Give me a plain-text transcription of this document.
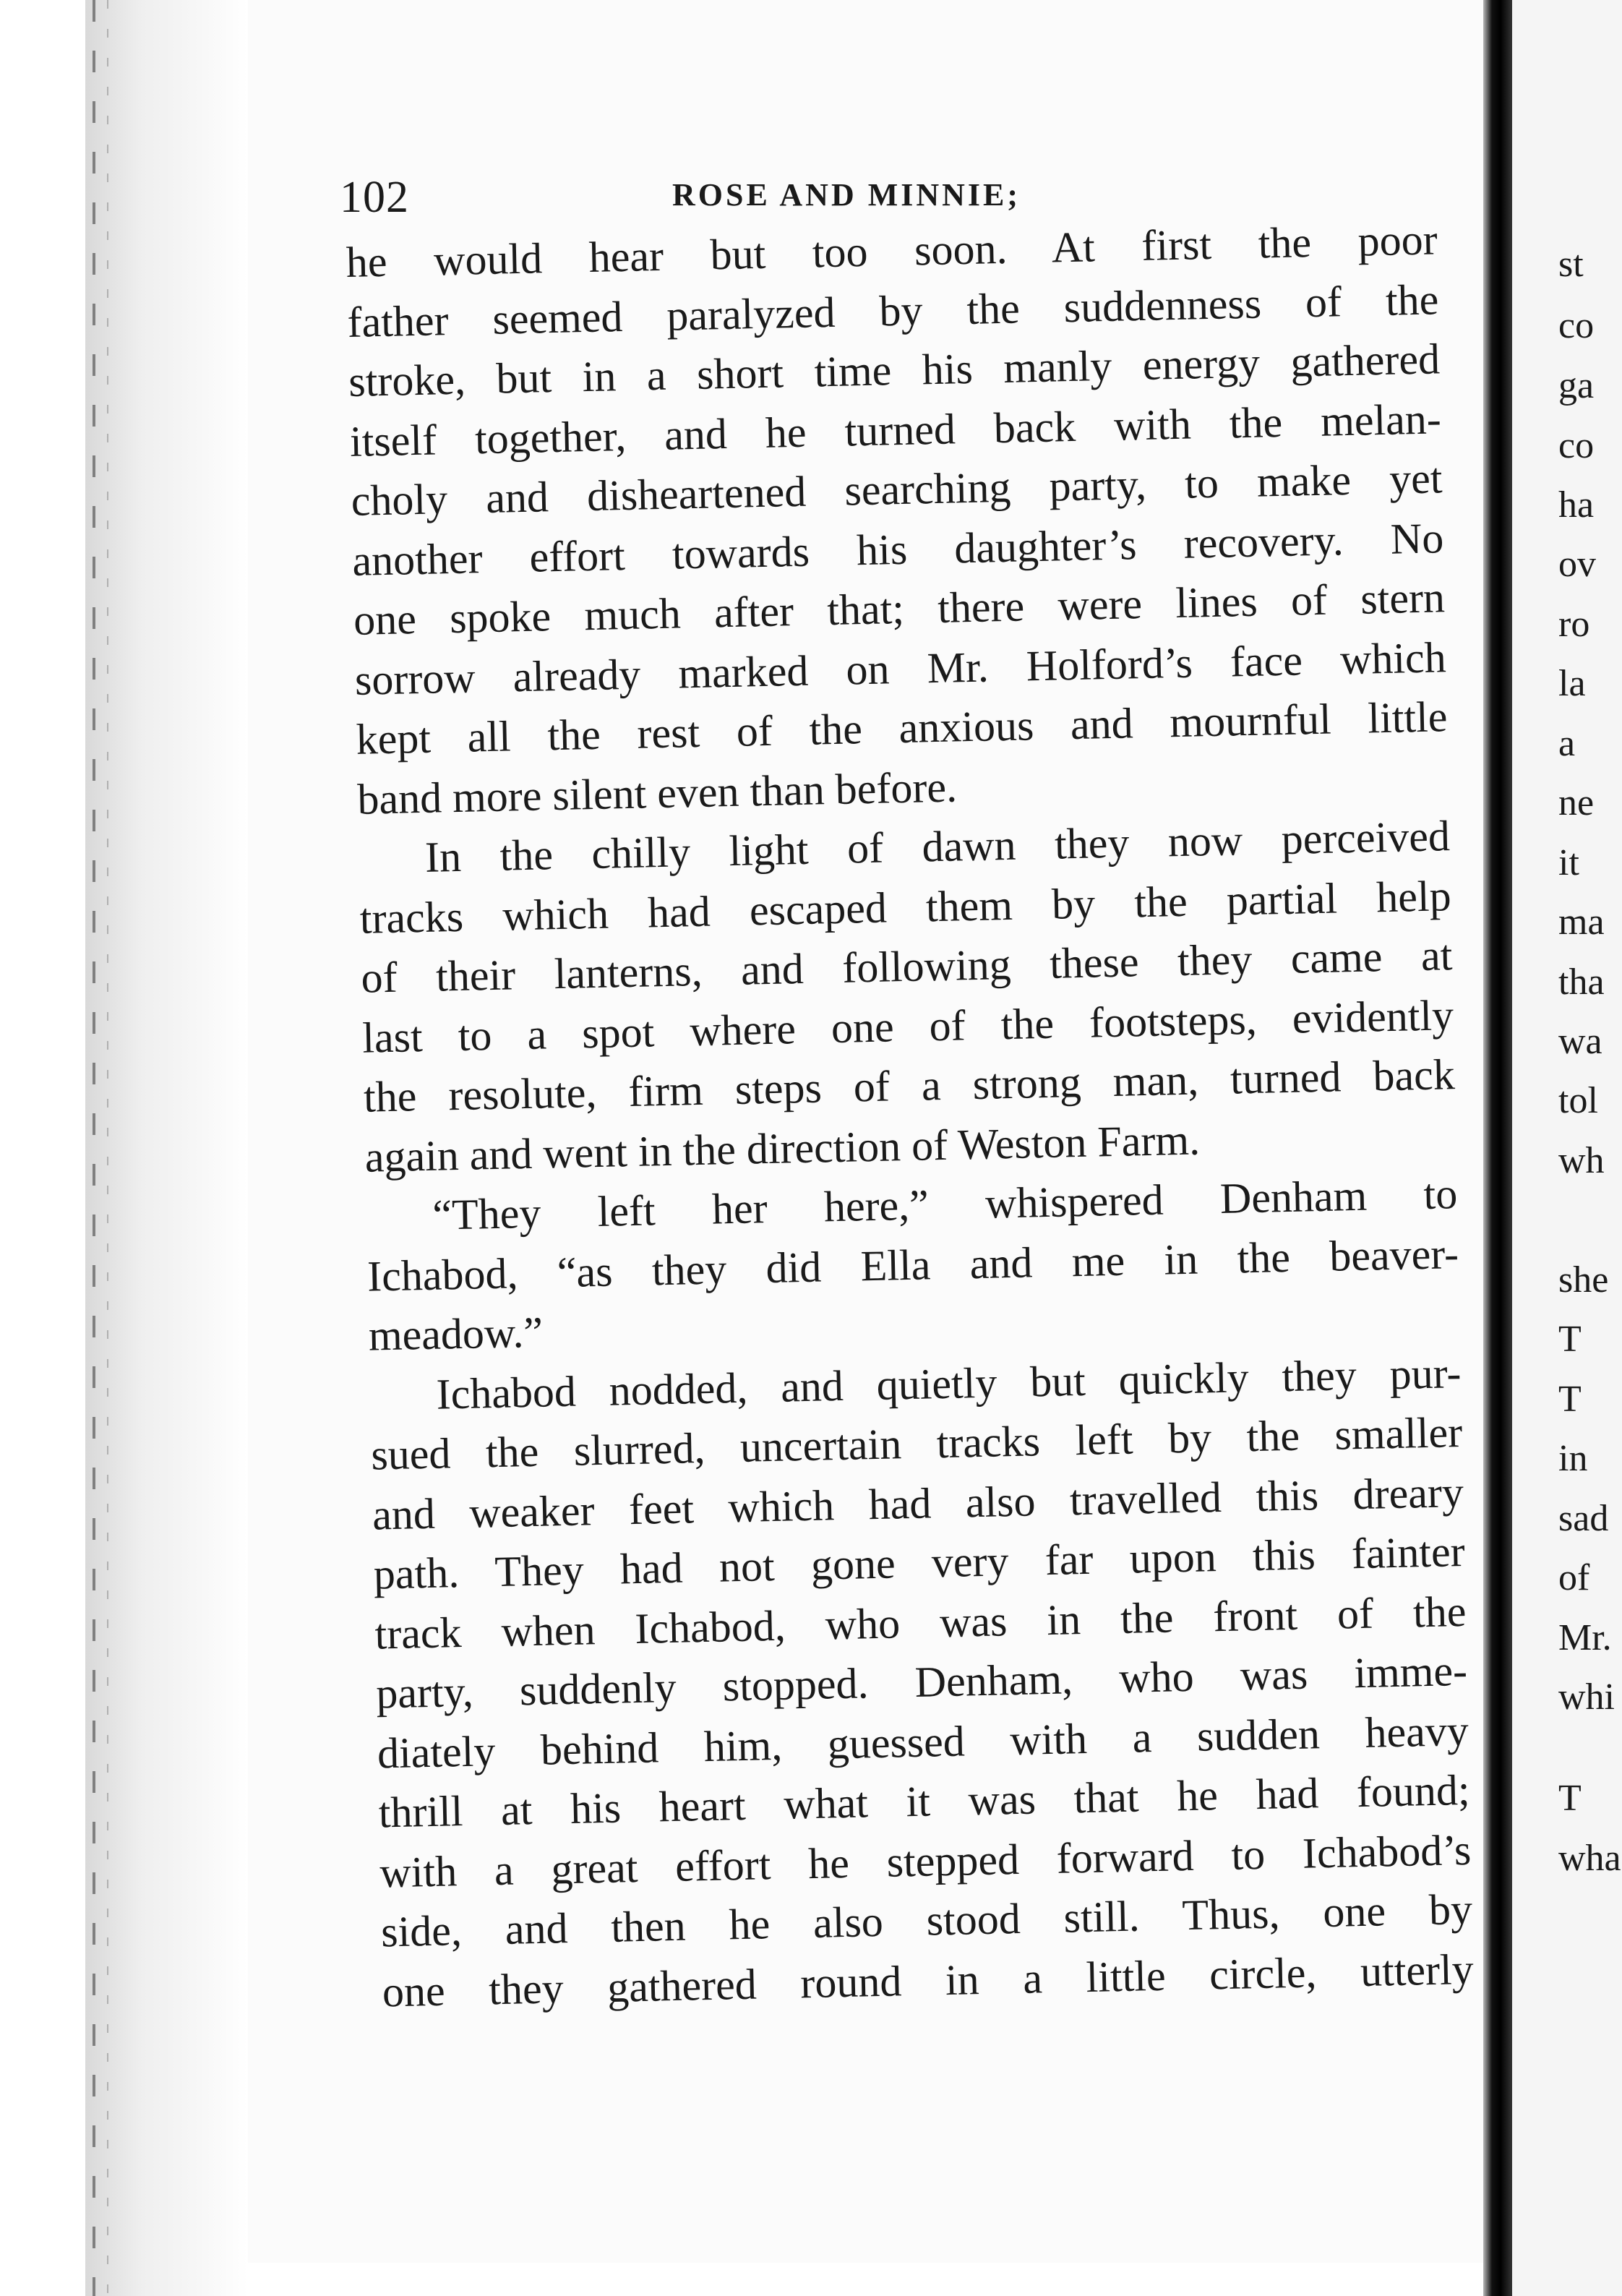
102	ROSE AND MINNIE;
he would hear but too soon. At first the poor
father seemed paralyzed by the suddenness of the
stroke, but in a short time his manly energy gathered
itself together, and he turned back with the melan-
choly and disheartened searching party, to make yet
another effort towards his daughter’s recovery. No
one spoke much after that; there were lines of stern
sorrow already marked on Mr. Holford’s face which
kept all the rest of the anxious and mournful little
band more silent even than before.
In the chilly light of dawn they now perceived
tracks which had escaped them by the partial help
of their lanterns, and following these they came at
last to a spot where one of the footsteps, evidently
the resolute, firm steps of a strong man, turned back
again and went in the direction of Weston Farm.
“They left her here,” whispered Denham to
Ichabod, “as they did Ella and me in the beaver-
meadow.”
Ichabod nodded, and quietly but quickly they pur-
sued the slurred, uncertain tracks left by the smaller
and weaker feet which had also travelled this dreary
path. They had not gone very far upon this fainter
track when Ichabod, who was in the front of the
party, suddenly stopped. Denham, who was imme-
diately behind him, guessed with a sudden heavy
thrill at his heart what it was that he had found;
with a great effort he stepped forward to Ichabod’s
side, and then he also stood still. Thus, one by
one they gathered round in a little circle, utterly
st
co
ga
co
ha
ov
ro
la
a
ne
it
ma
tha
wa
tol
wh
she
T
T
in
sad
of
Mr.
whi
T
wha
